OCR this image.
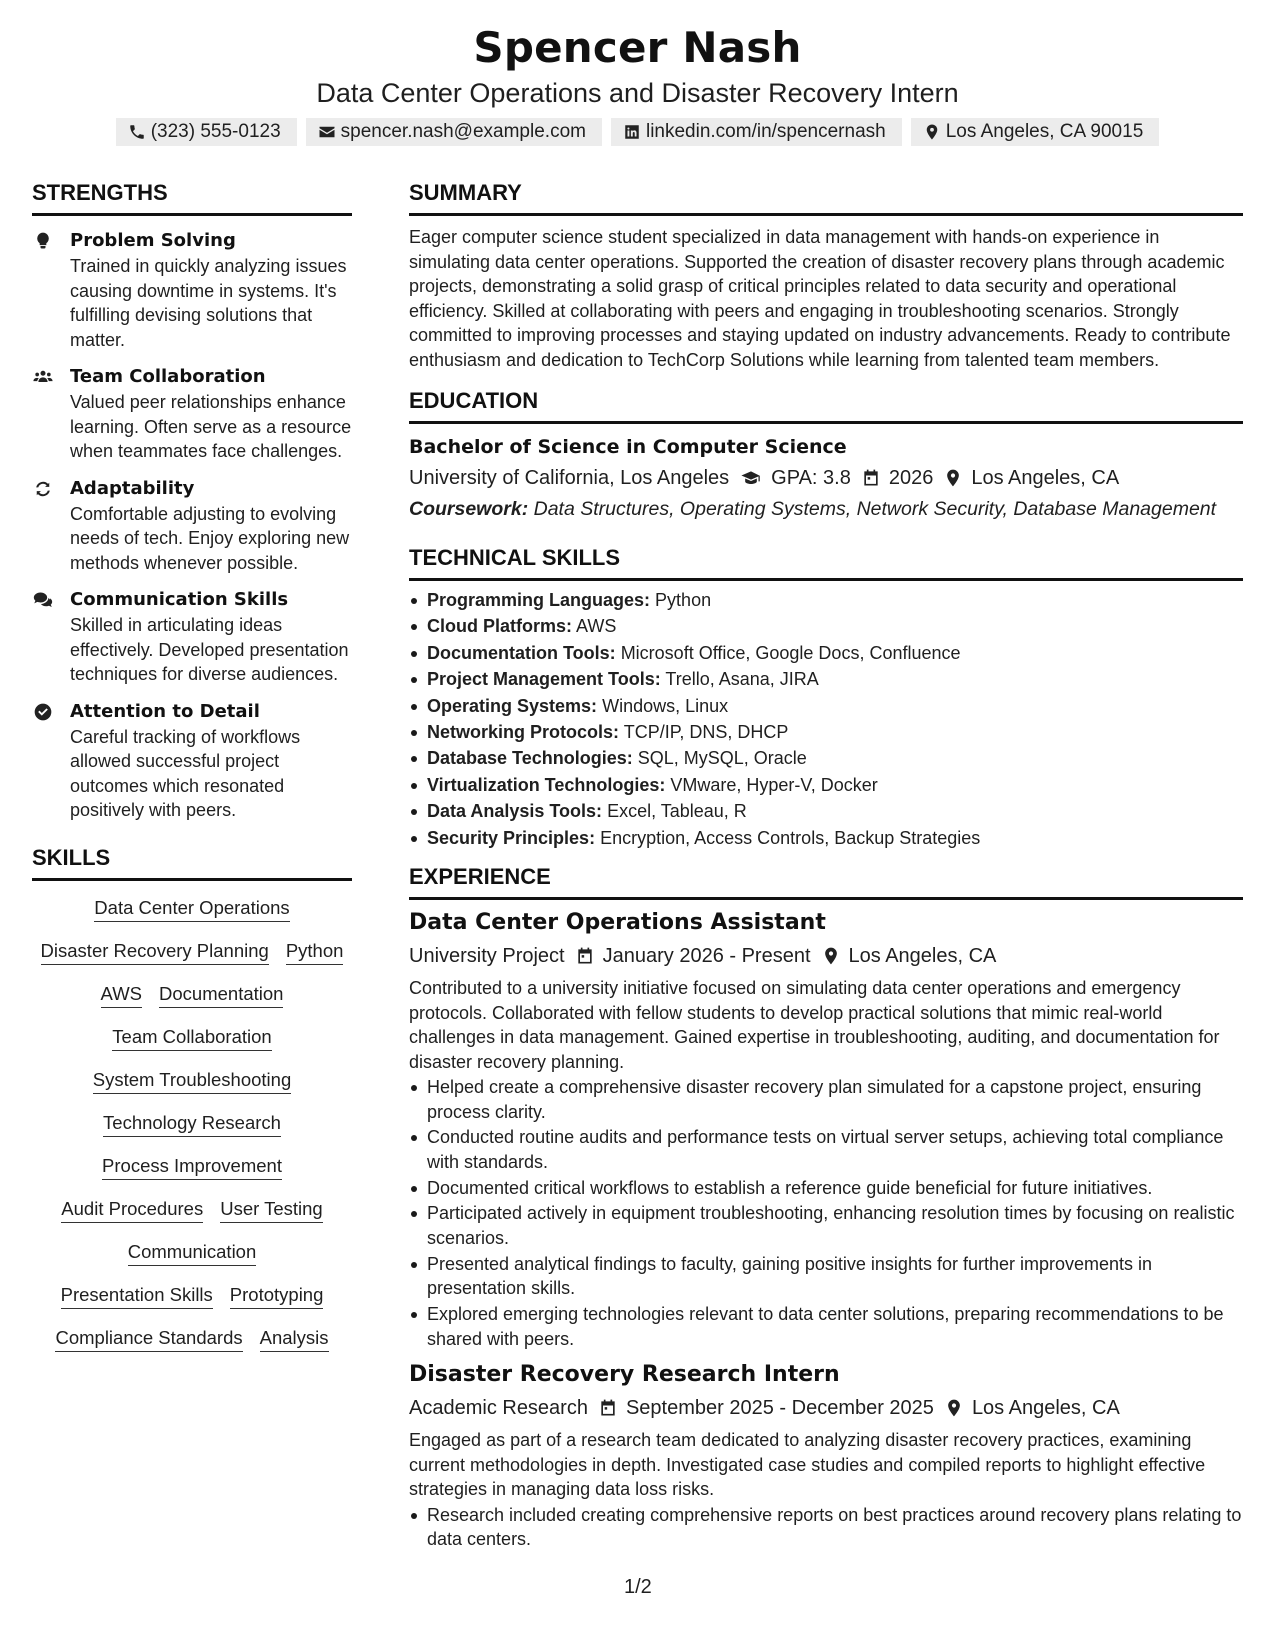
Spencer Nash
Data Center Operations and Disaster Recovery Intern
(323) 555-0123	spencer.nash@example.com	linkedin.com/in/spencernash	Los Angeles, CA 90015
STRENGTHS
Problem Solving
Trained in quickly analyzing issues causing downtime in systems. It's fulfilling devising solutions that matter.
Team Collaboration
Valued peer relationships enhance learning. Often serve as a resource when teammates face challenges.
Adaptability
Comfortable adjusting to evolving needs of tech. Enjoy exploring new methods whenever possible.
Communication Skills
Skilled in articulating ideas effectively. Developed presentation techniques for diverse audiences.
Attention to Detail
Careful tracking of workflows allowed successful project outcomes which resonated positively with peers.
SKILLS
Data Center Operations
Disaster Recovery Planning Python
AWS Documentation
Team Collaboration
System Troubleshooting
Technology Research
Process Improvement
Audit Procedures User Testing
Communication
Presentation Skills Prototyping
Compliance Standards Analysis
SUMMARY
Eager computer science student specialized in data management with hands-on experience in simulating data center operations. Supported the creation of disaster recovery plans through academic projects, demonstrating a solid grasp of critical principles related to data security and operational efficiency. Skilled at collaborating with peers and engaging in troubleshooting scenarios. Strongly committed to improving processes and staying updated on industry advancements. Ready to contribute enthusiasm and dedication to TechCorp Solutions while learning from talented team members.
EDUCATION
Bachelor of Science in Computer Science
University of California, Los Angeles GPA: 3.8 2026 Los Angeles, CA
Coursework: Data Structures, Operating Systems, Network Security, Database Management
TECHNICAL SKILLS
Programming Languages: Python
Cloud Platforms: AWS
Documentation Tools: Microsoft Office, Google Docs, Confluence
Project Management Tools: Trello, Asana, JIRA
Operating Systems: Windows, Linux
Networking Protocols: TCP/IP, DNS, DHCP
Database Technologies: SQL, MySQL, Oracle
Virtualization Technologies: VMware, Hyper-V, Docker
Data Analysis Tools: Excel, Tableau, R
Security Principles: Encryption, Access Controls, Backup Strategies
EXPERIENCE
Data Center Operations Assistant
University Project January 2026 - Present Los Angeles, CA
Contributed to a university initiative focused on simulating data center operations and emergency protocols. Collaborated with fellow students to develop practical solutions that mimic real-world challenges in data management. Gained expertise in troubleshooting, auditing, and documentation for disaster recovery planning.
Helped create a comprehensive disaster recovery plan simulated for a capstone project, ensuring process clarity.
Conducted routine audits and performance tests on virtual server setups, achieving total compliance with standards.
Documented critical workflows to establish a reference guide beneficial for future initiatives.
Participated actively in equipment troubleshooting, enhancing resolution times by focusing on realistic scenarios.
Presented analytical findings to faculty, gaining positive insights for further improvements in presentation skills.
Explored emerging technologies relevant to data center solutions, preparing recommendations to be shared with peers.
Disaster Recovery Research Intern
Academic Research September 2025 - December 2025 Los Angeles, CA
Engaged as part of a research team dedicated to analyzing disaster recovery practices, examining current methodologies in depth. Investigated case studies and compiled reports to highlight effective strategies in managing data loss risks.
Research included creating comprehensive reports on best practices around recovery plans relating to data centers.
1/2
